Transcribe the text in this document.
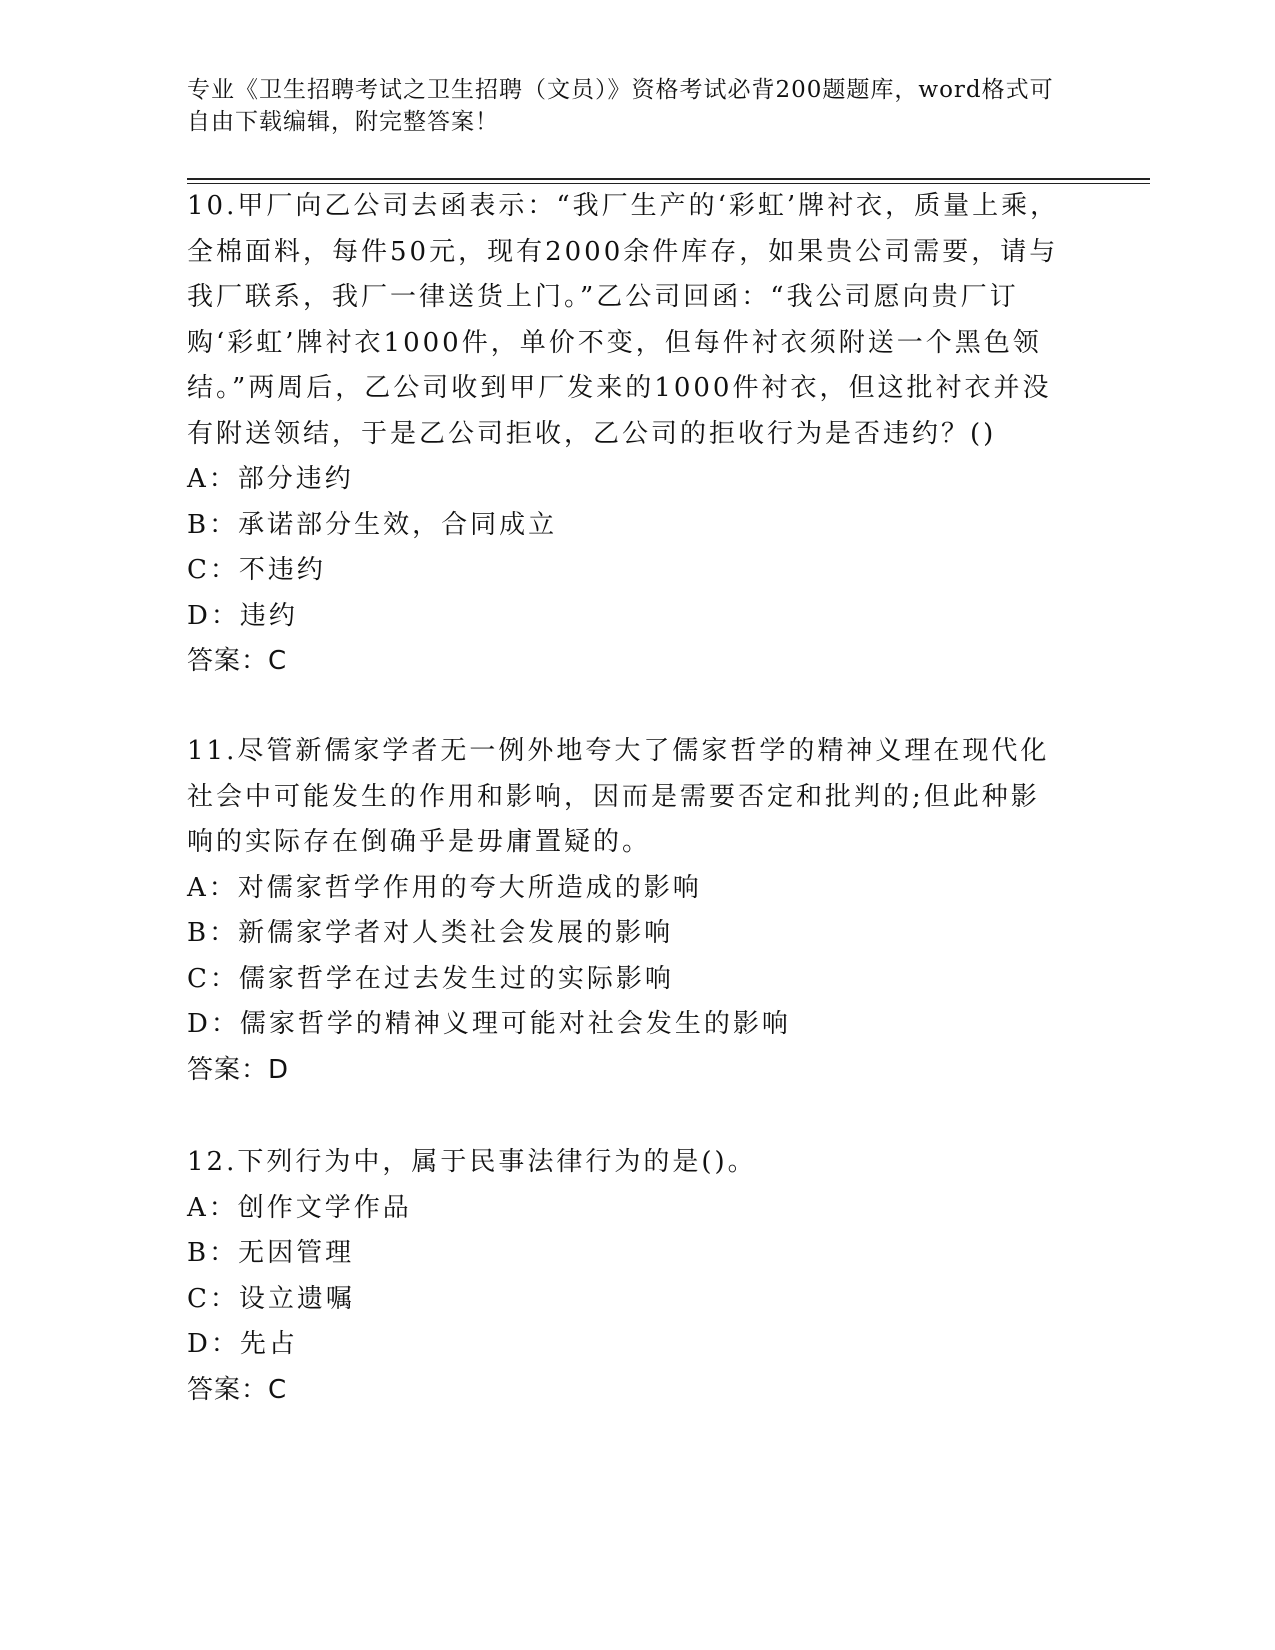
专业《卫生招聘考试之卫生招聘（文员）》资格考试必背200题题库，word格式可自由下载编辑，附完整答案！

10.甲厂向乙公司去函表示：“我厂生产的‘彩虹’牌衬衣，质量上乘，全棉面料，每件50元，现有2000余件库存，如果贵公司需要，请与我厂联系，我厂一律送货上门。”乙公司回函：“我公司愿向贵厂订购‘彩虹’牌衬衣1000件，单价不变，但每件衬衣须附送一个黑色领结。”两周后，乙公司收到甲厂发来的1000件衬衣，但这批衬衣并没有附送领结，于是乙公司拒收，乙公司的拒收行为是否违约？()

A：部分违约

B：承诺部分生效，合同成立

C：不违约

D：违约

答案：C

11.尽管新儒家学者无一例外地夸大了儒家哲学的精神义理在现代化社会中可能发生的作用和影响，因而是需要否定和批判的;但此种影响的实际存在倒确乎是毋庸置疑的。

A：对儒家哲学作用的夸大所造成的影响

B：新儒家学者对人类社会发展的影响

C：儒家哲学在过去发生过的实际影响

D：儒家哲学的精神义理可能对社会发生的影响

答案：D

12.下列行为中，属于民事法律行为的是()。

A：创作文学作品

B：无因管理

C：设立遗嘱

D：先占

答案：C
